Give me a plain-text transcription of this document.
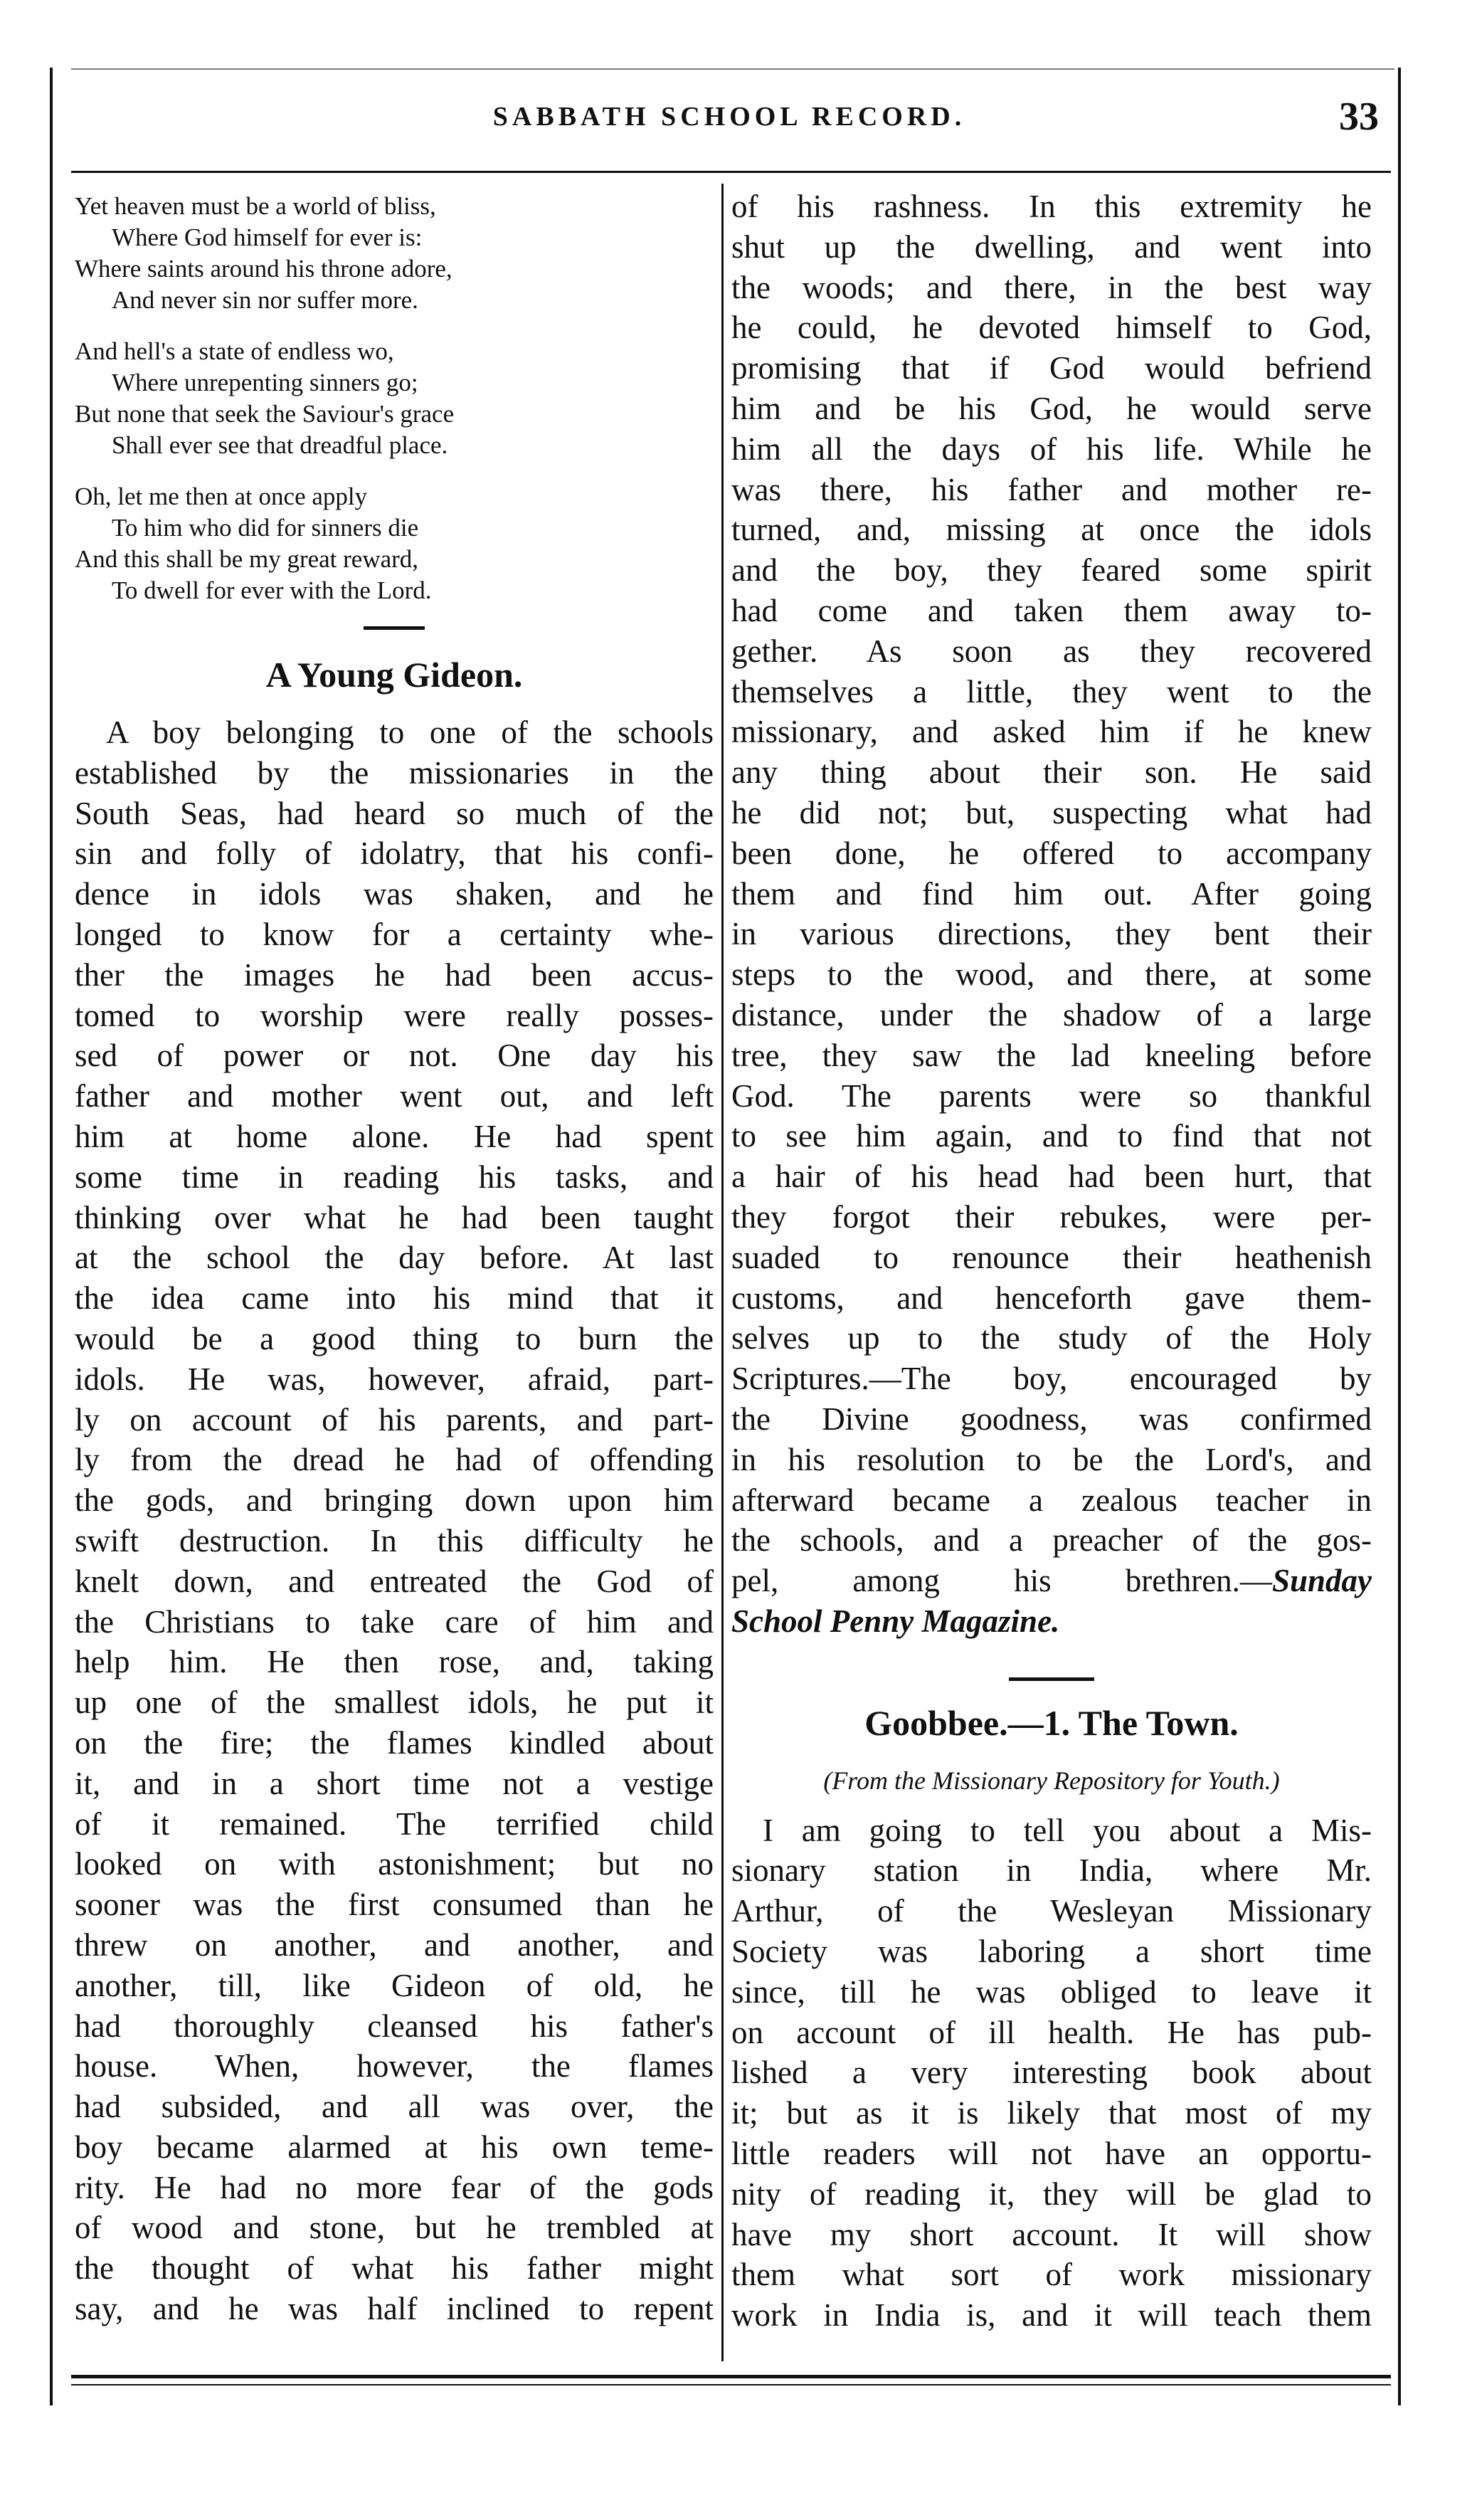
SABBATH SCHOOL RECORD.	33
Yet heaven must be a world of bliss,
Where God himself for ever is:
Where saints around his throne adore,
And never sin nor suffer more.
And hell's a state of endless wo,
Where unrepenting sinners go;
But none that seek the Saviour's grace
Shall ever see that dreadful place.
Oh, let me then at once apply
To him who did for sinners die
And this shall be my great reward,
To dwell for ever with the Lord.
A Young Gideon.
A boy belonging to one of the schools
established by the missionaries in the
South Seas, had heard so much of the
sin and folly of idolatry, that his confi-
dence in idols was shaken, and he
longed to know for a certainty whe-
ther the images he had been accus-
tomed to worship were really posses-
sed of power or not. One day his
father and mother went out, and left
him at home alone. He had spent
some time in reading his tasks, and
thinking over what he had been taught
at the school the day before. At last
the idea came into his mind that it
would be a good thing to burn the
idols. He was, however, afraid, part-
ly on account of his parents, and part-
ly from the dread he had of offending
the gods, and bringing down upon him
swift destruction. In this difficulty he
knelt down, and entreated the God of
the Christians to take care of him and
help him. He then rose, and, taking
up one of the smallest idols, he put it
on the fire; the flames kindled about
it, and in a short time not a vestige
of it remained. The terrified child
looked on with astonishment; but no
sooner was the first consumed than he
threw on another, and another, and
another, till, like Gideon of old, he
had thoroughly cleansed his father's
house. When, however, the flames
had subsided, and all was over, the
boy became alarmed at his own teme-
rity. He had no more fear of the gods
of wood and stone, but he trembled at
the thought of what his father might
say, and he was half inclined to repent
of his rashness. In this extremity he
shut up the dwelling, and went into
the woods; and there, in the best way
he could, he devoted himself to God,
promising that if God would befriend
him and be his God, he would serve
him all the days of his life. While he
was there, his father and mother re-
turned, and, missing at once the idols
and the boy, they feared some spirit
had come and taken them away to-
gether. As soon as they recovered
themselves a little, they went to the
missionary, and asked him if he knew
any thing about their son. He said
he did not; but, suspecting what had
been done, he offered to accompany
them and find him out. After going
in various directions, they bent their
steps to the wood, and there, at some
distance, under the shadow of a large
tree, they saw the lad kneeling before
God. The parents were so thankful
to see him again, and to find that not
a hair of his head had been hurt, that
they forgot their rebukes, were per-
suaded to renounce their heathenish
customs, and henceforth gave them-
selves up to the study of the Holy
Scriptures.—The boy, encouraged by
the Divine goodness, was confirmed
in his resolution to be the Lord's, and
afterward became a zealous teacher in
the schools, and a preacher of the gos-
pel, among his brethren.—Sunday
School Penny Magazine.
Goobbee.—1. The Town.
(From the Missionary Repository for Youth.)
I am going to tell you about a Mis-
sionary station in India, where Mr.
Arthur, of the Wesleyan Missionary
Society was laboring a short time
since, till he was obliged to leave it
on account of ill health. He has pub-
lished a very interesting book about
it; but as it is likely that most of my
little readers will not have an opportu-
nity of reading it, they will be glad to
have my short account. It will show
them what sort of work missionary
work in India is, and it will teach them
